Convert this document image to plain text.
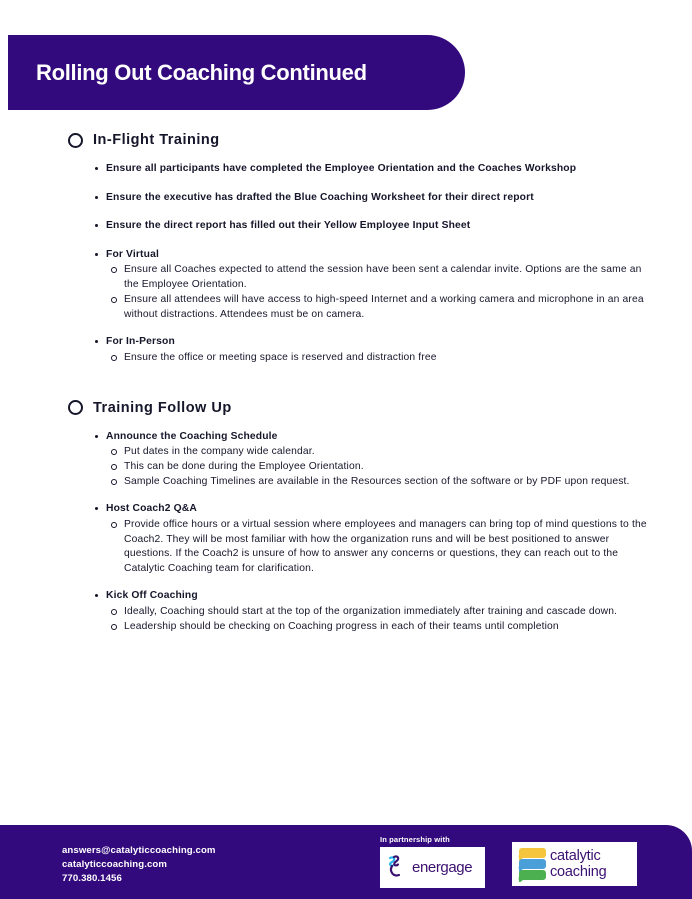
Rolling Out Coaching Continued
In-Flight Training
Ensure all participants have completed the Employee Orientation and the Coaches Workshop
Ensure the executive has drafted the Blue Coaching Worksheet for their direct report
Ensure the direct report has filled out their Yellow Employee Input Sheet
For Virtual
Ensure all Coaches expected to attend the session have been sent a calendar invite. Options are the same an the Employee Orientation.
Ensure all attendees will have access to high-speed Internet and a working camera and microphone in an area without distractions. Attendees must be on camera.
For In-Person
Ensure the office or meeting space is reserved and distraction free
Training Follow Up
Announce the Coaching Schedule
Put dates in the company wide calendar.
This can be done during the Employee Orientation.
Sample Coaching Timelines are available in the Resources section of the software or by PDF upon request.
Host Coach2 Q&A
Provide office hours or a virtual session where employees and managers can bring top of mind questions to the Coach2. They will be most familiar with how the organization runs and will be best positioned to answer questions. If the Coach2 is unsure of how to answer any concerns or questions, they can reach out to the Catalytic Coaching team for clarification.
Kick Off Coaching
Ideally, Coaching should start at the top of the organization immediately after training and cascade down.
Leadership should be checking on Coaching progress in each of their teams until completion
answers@catalyticcoaching.com
catalyticcoaching.com
770.380.1456
In partnership with
energage
catalytic
coaching
